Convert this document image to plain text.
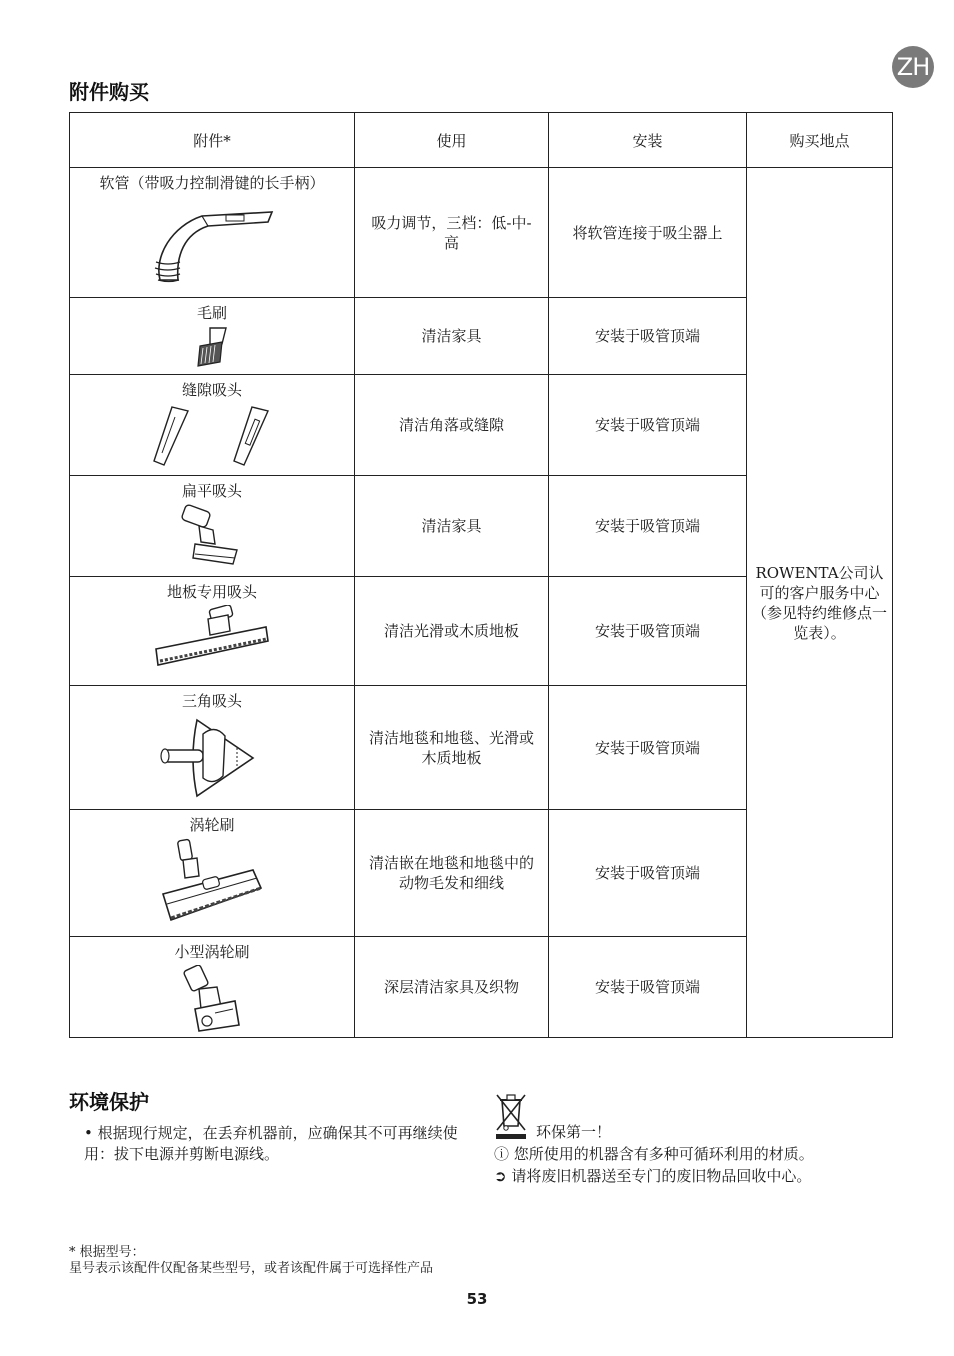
ZH
附件购买
附件*	使用	安装	购买地点

软管（带吸力控制滑键的长手柄）	吸力调节，三档：低-中-高	将软管连接于吸尘器上	ROWENTA公司认可的客户服务中心（参见特约维修点一览表）。

毛刷	清洁家具	安装于吸管顶端	

缝隙吸头	清洁角落或缝隙	安装于吸管顶端	

扁平吸头	清洁家具	安装于吸管顶端	

地板专用吸头	清洁光滑或木质地板	安装于吸管顶端	

三角吸头	清洁地毯和地毯、光滑或木质地板	安装于吸管顶端	

涡轮刷	清洁嵌在地毯和地毯中的动物毛发和细线	安装于吸管顶端	

小型涡轮刷	深层清洁家具及织物	安装于吸管顶端	
环境保护
• 根据现行规定，在丢弃机器前，应确保其不可再继续使用：拔下电源并剪断电源线。
环保第一！
ⓘ 您所使用的机器含有多种可循环利用的材质。
➲ 请将废旧机器送至专门的废旧物品回收中心。
* 根据型号：
星号表示该配件仅配备某些型号，或者该配件属于可选择性产品
53
